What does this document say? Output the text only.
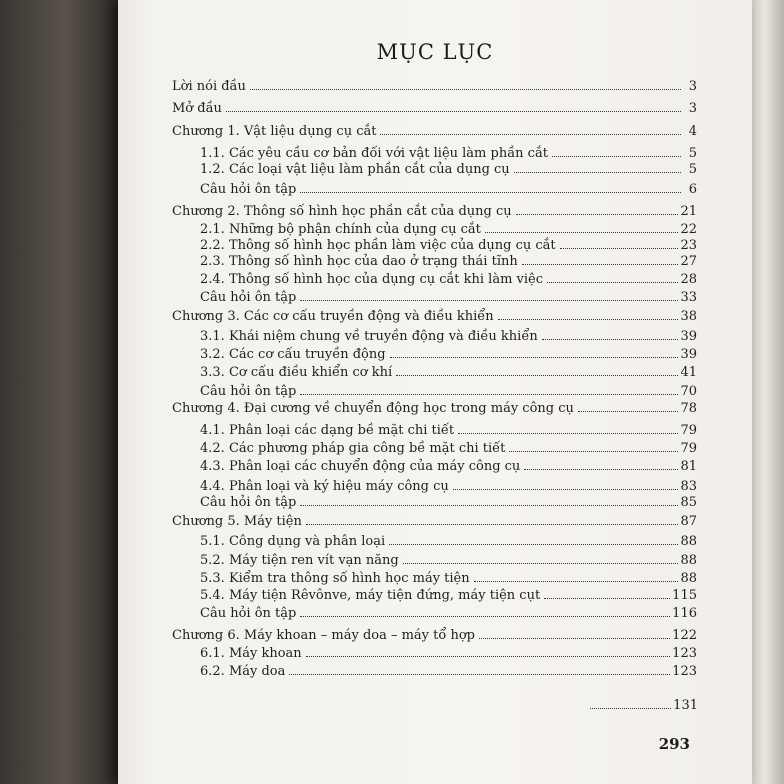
MỤC LỤC
Lời nói đầu	3
Mở đầu	3
Chương 1. Vật liệu dụng cụ cắt	4
1.1. Các yêu cầu cơ bản đối với vật liệu làm phần cắt	5
1.2. Các loại vật liệu làm phần cắt của dụng cụ	5
Câu hỏi ôn tập	6
Chương 2. Thông số hình học phần cắt của dụng cụ	21
2.1. Những bộ phận chính của dụng cụ cắt	22
2.2. Thông số hình học phần làm việc của dụng cụ cắt	23
2.3. Thông số hình học của dao ở trạng thái tĩnh	27
2.4. Thông số hình học của dụng cụ cắt khi làm việc	28
Câu hỏi ôn tập	33
Chương 3. Các cơ cấu truyền động và điều khiển	38
3.1. Khái niệm chung về truyền động và điều khiển	39
3.2. Các cơ cấu truyền động	39
3.3. Cơ cấu điều khiển cơ khí	41
Câu hỏi ôn tập	70
Chương 4. Đại cương về chuyển động học trong máy công cụ	78
4.1. Phân loại các dạng bề mặt chi tiết	79
4.2. Các phương pháp gia công bề mặt chi tiết	79
4.3. Phân loại các chuyển động của máy công cụ	81
4.4. Phân loại và ký hiệu máy công cụ	83
Câu hỏi ôn tập	85
Chương 5. Máy tiện	87
5.1. Công dụng và phân loại	88
5.2. Máy tiện ren vít vạn năng	88
5.3. Kiểm tra thông số hình học máy tiện	88
5.4. Máy tiện Rêvônve, máy tiện đứng, máy tiện cụt	115
Câu hỏi ôn tập	116
Chương 6. Máy khoan – máy doa – máy tổ hợp	122
6.1. Máy khoan	123
6.2. Máy doa	123
131
293
